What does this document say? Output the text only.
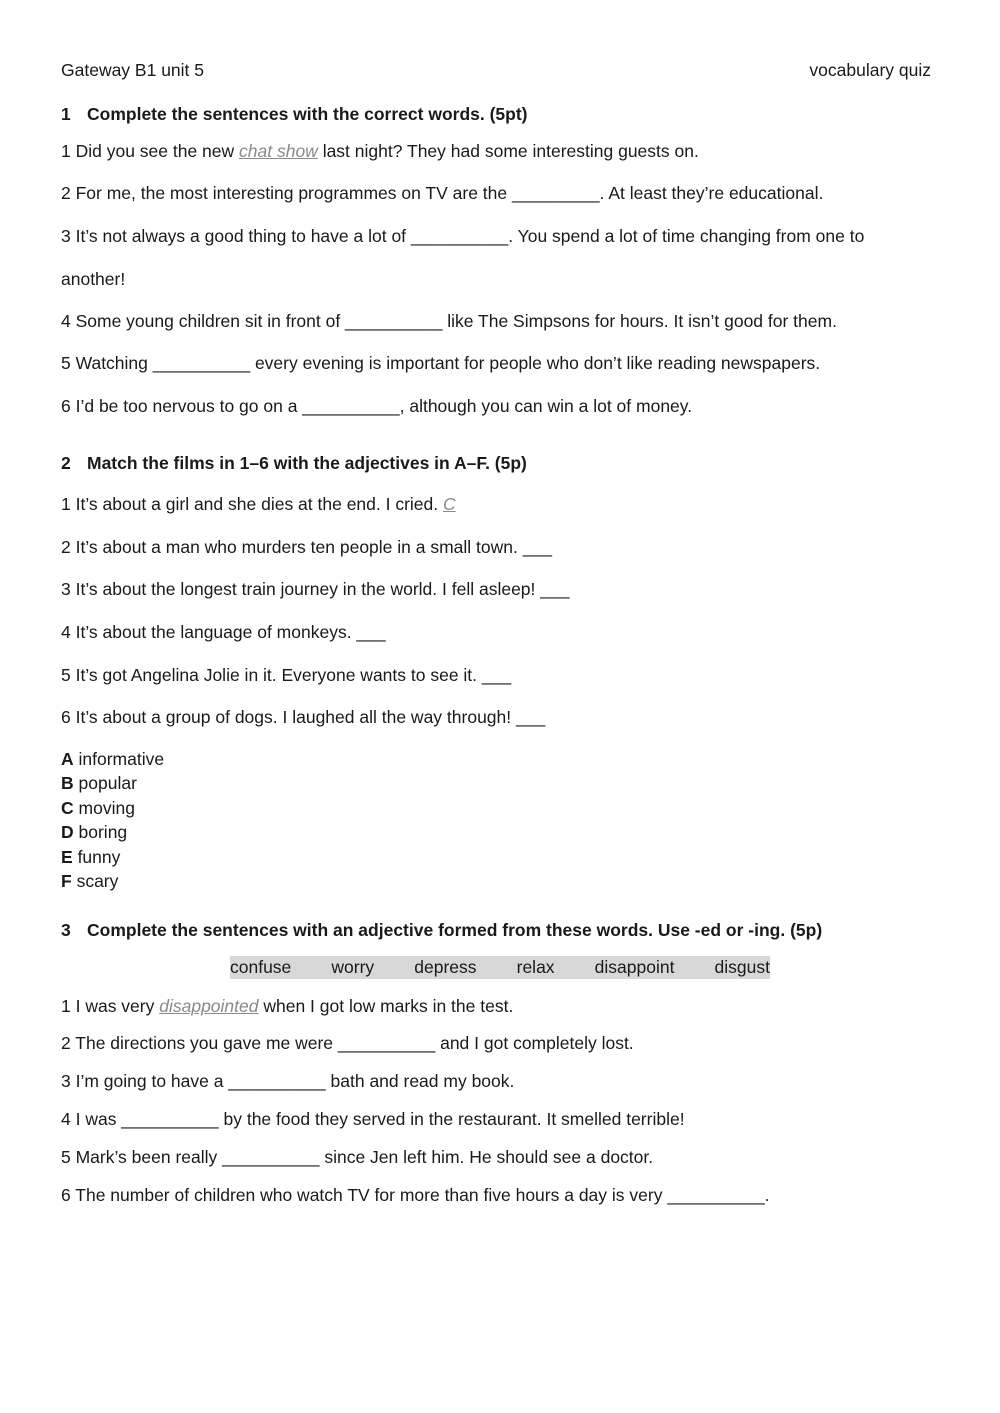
Gateway B1 unit 5	vocabulary quiz
1 Complete the sentences with the correct words. (5pt)
1 Did you see the new chat show last night? They had some interesting guests on.
2 For me, the most interesting programmes on TV are the _________. At least they’re educational.
3 It’s not always a good thing to have a lot of __________. You spend a lot of time changing from one to
another!
4 Some young children sit in front of __________ like The Simpsons for hours. It isn’t good for them.
5 Watching __________ every evening is important for people who don’t like reading newspapers.
6 I’d be too nervous to go on a __________, although you can win a lot of money.
2 Match the films in 1–6 with the adjectives in A–F. (5p)
1 It’s about a girl and she dies at the end. I cried. C
2 It’s about a man who murders ten people in a small town. ___
3 It’s about the longest train journey in the world. I fell asleep! ___
4 It’s about the language of monkeys. ___
5 It’s got Angelina Jolie in it. Everyone wants to see it. ___
6 It’s about a group of dogs. I laughed all the way through! ___
A informative
B popular
C moving
D boring
E funny
F scary
3 Complete the sentences with an adjective formed from these words. Use -ed or -ing. (5p)
confuse worry depress relax disappoint disgust
1 I was very disappointed when I got low marks in the test.
2 The directions you gave me were __________ and I got completely lost.
3 I’m going to have a __________ bath and read my book.
4 I was __________ by the food they served in the restaurant. It smelled terrible!
5 Mark’s been really __________ since Jen left him. He should see a doctor.
6 The number of children who watch TV for more than five hours a day is very __________.
